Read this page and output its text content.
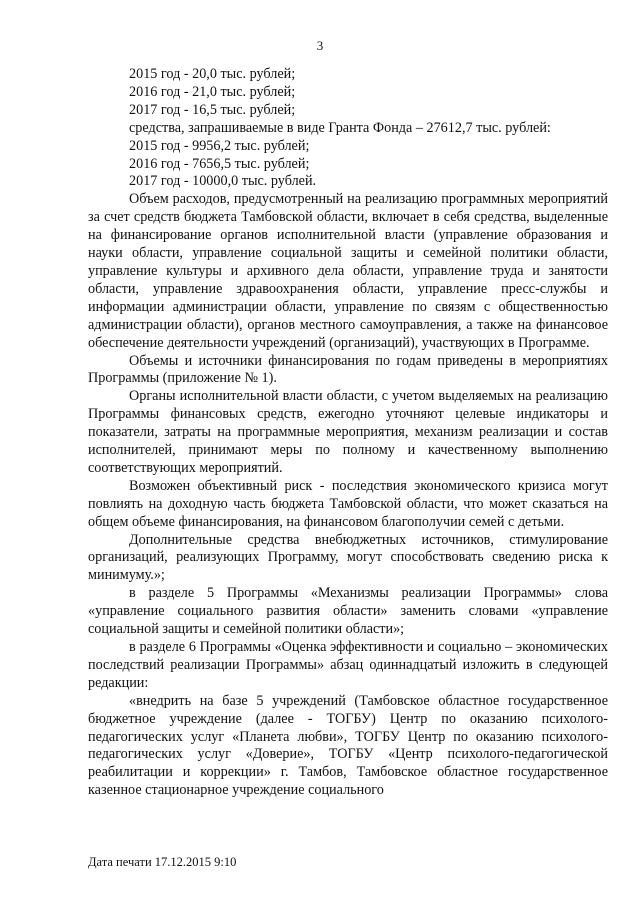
3

2015 год - 20,0 тыс. рублей;

2016 год - 21,0 тыс. рублей;

2017 год - 16,5 тыс. рублей;

средства, запрашиваемые в виде Гранта Фонда – 27612,7 тыс. рублей:

2015 год - 9956,2 тыс. рублей;

2016 год - 7656,5 тыс. рублей;

2017 год - 10000,0 тыс. рублей.

Объем расходов, предусмотренный на реализацию программных мероприятий за счет средств бюджета Тамбовской области, включает в себя средства, выделенные на финансирование органов исполнительной власти (управление образования и науки области, управление социальной защиты и семейной политики области, управление культуры и архивного дела области, управление труда и занятости области, управление здравоохранения области, управление пресс-службы и информации администрации области, управление по связям с общественностью администрации области), органов местного самоуправления, а также на финансовое обеспечение деятельности учреждений (организаций), участвующих в Программе.

Объемы и источники финансирования по годам приведены в мероприятиях Программы (приложение № 1).

Органы исполнительной власти области, с учетом выделяемых на реализацию Программы финансовых средств, ежегодно уточняют целевые индикаторы и показатели, затраты на программные мероприятия, механизм реализации и состав исполнителей, принимают меры по полному и качественному выполнению соответствующих мероприятий.

Возможен объективный риск - последствия экономического кризиса могут повлиять на доходную часть бюджета Тамбовской области, что может сказаться на общем объеме финансирования, на финансовом благополучии семей с детьми.

Дополнительные средства внебюджетных источников, стимулирование организаций, реализующих Программу, могут способствовать сведению риска к минимуму.»;

в разделе 5 Программы «Механизмы реализации Программы» слова «управление социального развития области» заменить словами «управление социальной защиты и семейной политики области»;

в разделе 6 Программы «Оценка эффективности и социально – экономических последствий реализации Программы» абзац одиннадцатый изложить в следующей редакции:

«внедрить на базе 5 учреждений (Тамбовское областное государственное бюджетное учреждение (далее - ТОГБУ) Центр по оказанию психолого-педагогических услуг «Планета любви», ТОГБУ Центр по оказанию психолого-педагогических услуг «Доверие», ТОГБУ «Центр психолого-педагогической реабилитации и коррекции» г. Тамбов, Тамбовское областное государственное казенное стационарное учреждение социального

Дата печати 17.12.2015 9:10
